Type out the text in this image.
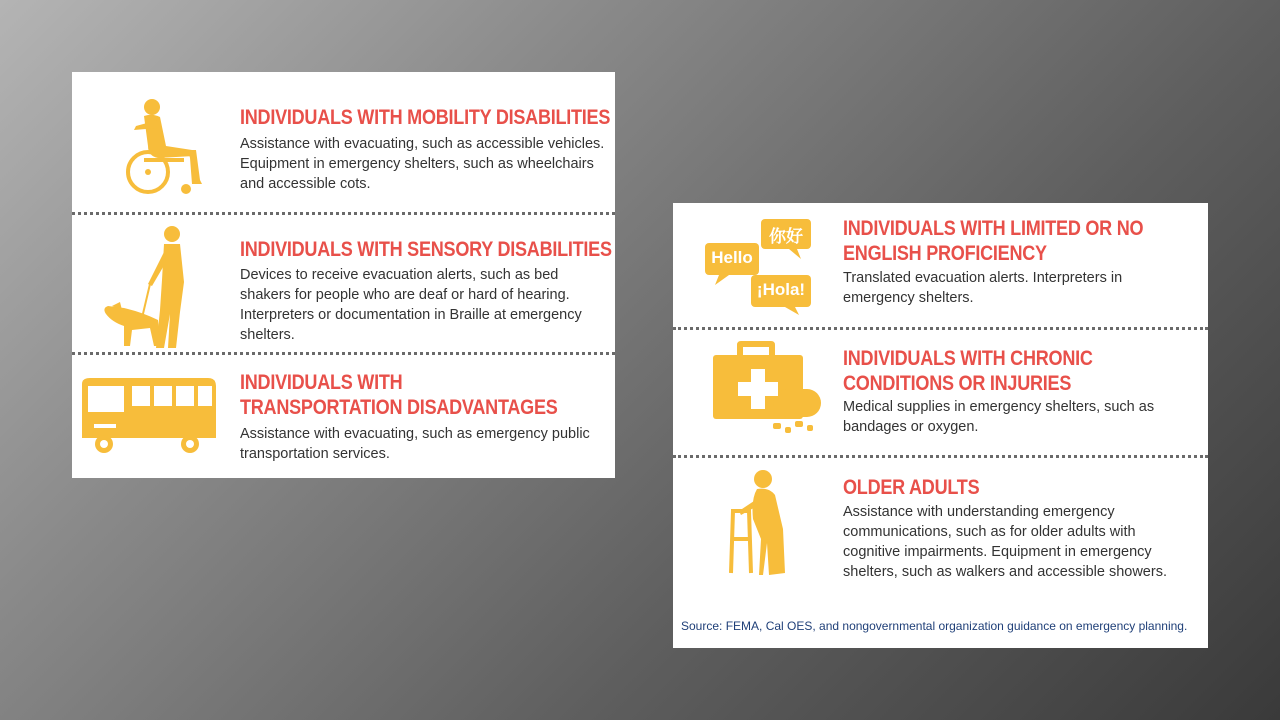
INDIVIDUALS WITH MOBILITY DISABILITIES

Assistance with evacuating, such as accessible vehicles. Equipment in emergency shelters, such as wheelchairs and accessible cots.

INDIVIDUALS WITH SENSORY DISABILITIES

Devices to receive evacuation alerts, such as bed shakers for people who are deaf or hard of hearing. Interpreters or documentation in Braille at emergency shelters.

INDIVIDUALS WITH
TRANSPORTATION DISADVANTAGES

Assistance with evacuating, such as emergency public transportation services.

你好
Hello
¡Hola!
INDIVIDUALS WITH LIMITED OR NO
ENGLISH PROFICIENCY

Translated evacuation alerts. Interpreters in emergency shelters.

INDIVIDUALS WITH CHRONIC
CONDITIONS OR INJURIES

Medical supplies in emergency shelters, such as bandages or oxygen.

OLDER ADULTS

Assistance with understanding emergency communications, such as for older adults with cognitive impairments. Equipment in emergency shelters, such as walkers and accessible showers.

Source: FEMA, Cal OES, and nongovernmental organization guidance on emergency planning.
